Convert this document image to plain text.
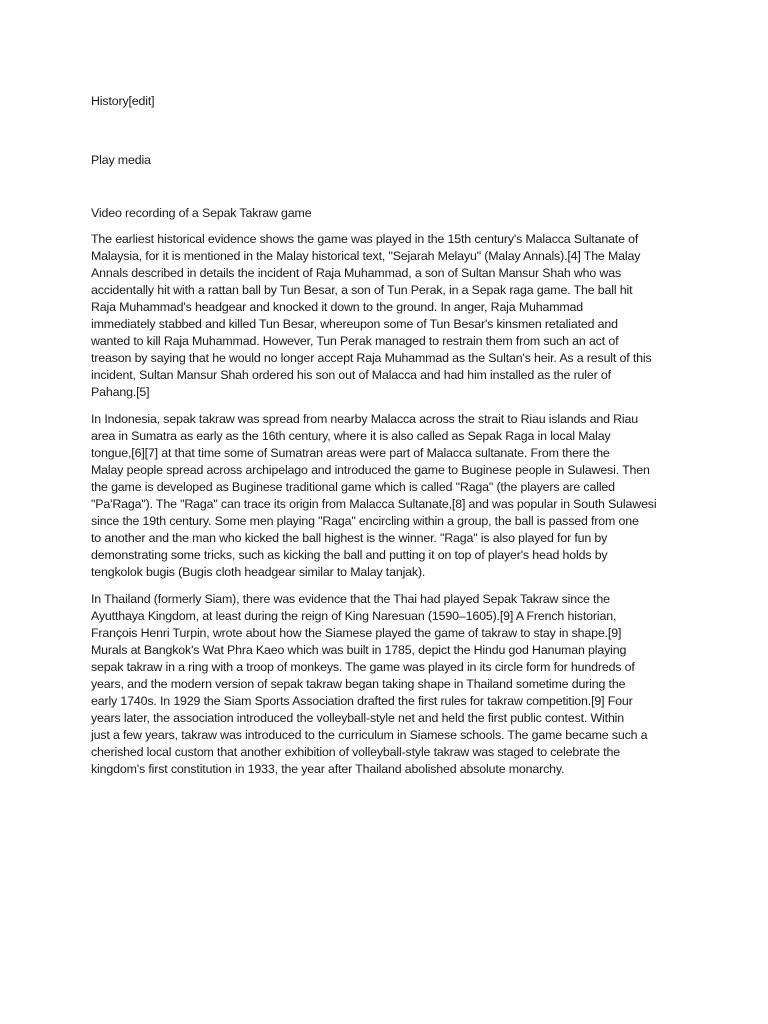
History[edit]

Play media

Video recording of a Sepak Takraw game

The earliest historical evidence shows the game was played in the 15th century's Malacca Sultanate of

Malaysia, for it is mentioned in the Malay historical text, "Sejarah Melayu" (Malay Annals).[4] The Malay

Annals described in details the incident of Raja Muhammad, a son of Sultan Mansur Shah who was

accidentally hit with a rattan ball by Tun Besar, a son of Tun Perak, in a Sepak raga game. The ball hit

Raja Muhammad's headgear and knocked it down to the ground. In anger, Raja Muhammad

immediately stabbed and killed Tun Besar, whereupon some of Tun Besar's kinsmen retaliated and

wanted to kill Raja Muhammad. However, Tun Perak managed to restrain them from such an act of

treason by saying that he would no longer accept Raja Muhammad as the Sultan's heir. As a result of this

incident, Sultan Mansur Shah ordered his son out of Malacca and had him installed as the ruler of

Pahang.[5]

In Indonesia, sepak takraw was spread from nearby Malacca across the strait to Riau islands and Riau

area in Sumatra as early as the 16th century, where it is also called as Sepak Raga in local Malay

tongue,[6][7] at that time some of Sumatran areas were part of Malacca sultanate. From there the

Malay people spread across archipelago and introduced the game to Buginese people in Sulawesi. Then

the game is developed as Buginese traditional game which is called "Raga" (the players are called

"Pa'Raga"). The "Raga" can trace its origin from Malacca Sultanate,[8] and was popular in South Sulawesi

since the 19th century. Some men playing "Raga" encircling within a group, the ball is passed from one

to another and the man who kicked the ball highest is the winner. "Raga" is also played for fun by

demonstrating some tricks, such as kicking the ball and putting it on top of player's head holds by

tengkolok bugis (Bugis cloth headgear similar to Malay tanjak).

In Thailand (formerly Siam), there was evidence that the Thai had played Sepak Takraw since the

Ayutthaya Kingdom, at least during the reign of King Naresuan (1590–1605).[9] A French historian,

François Henri Turpin, wrote about how the Siamese played the game of takraw to stay in shape.[9]

Murals at Bangkok's Wat Phra Kaeo which was built in 1785, depict the Hindu god Hanuman playing

sepak takraw in a ring with a troop of monkeys. The game was played in its circle form for hundreds of

years, and the modern version of sepak takraw began taking shape in Thailand sometime during the

early 1740s. In 1929 the Siam Sports Association drafted the first rules for takraw competition.[9] Four

years later, the association introduced the volleyball-style net and held the first public contest. Within

just a few years, takraw was introduced to the curriculum in Siamese schools. The game became such a

cherished local custom that another exhibition of volleyball-style takraw was staged to celebrate the

kingdom's first constitution in 1933, the year after Thailand abolished absolute monarchy.
